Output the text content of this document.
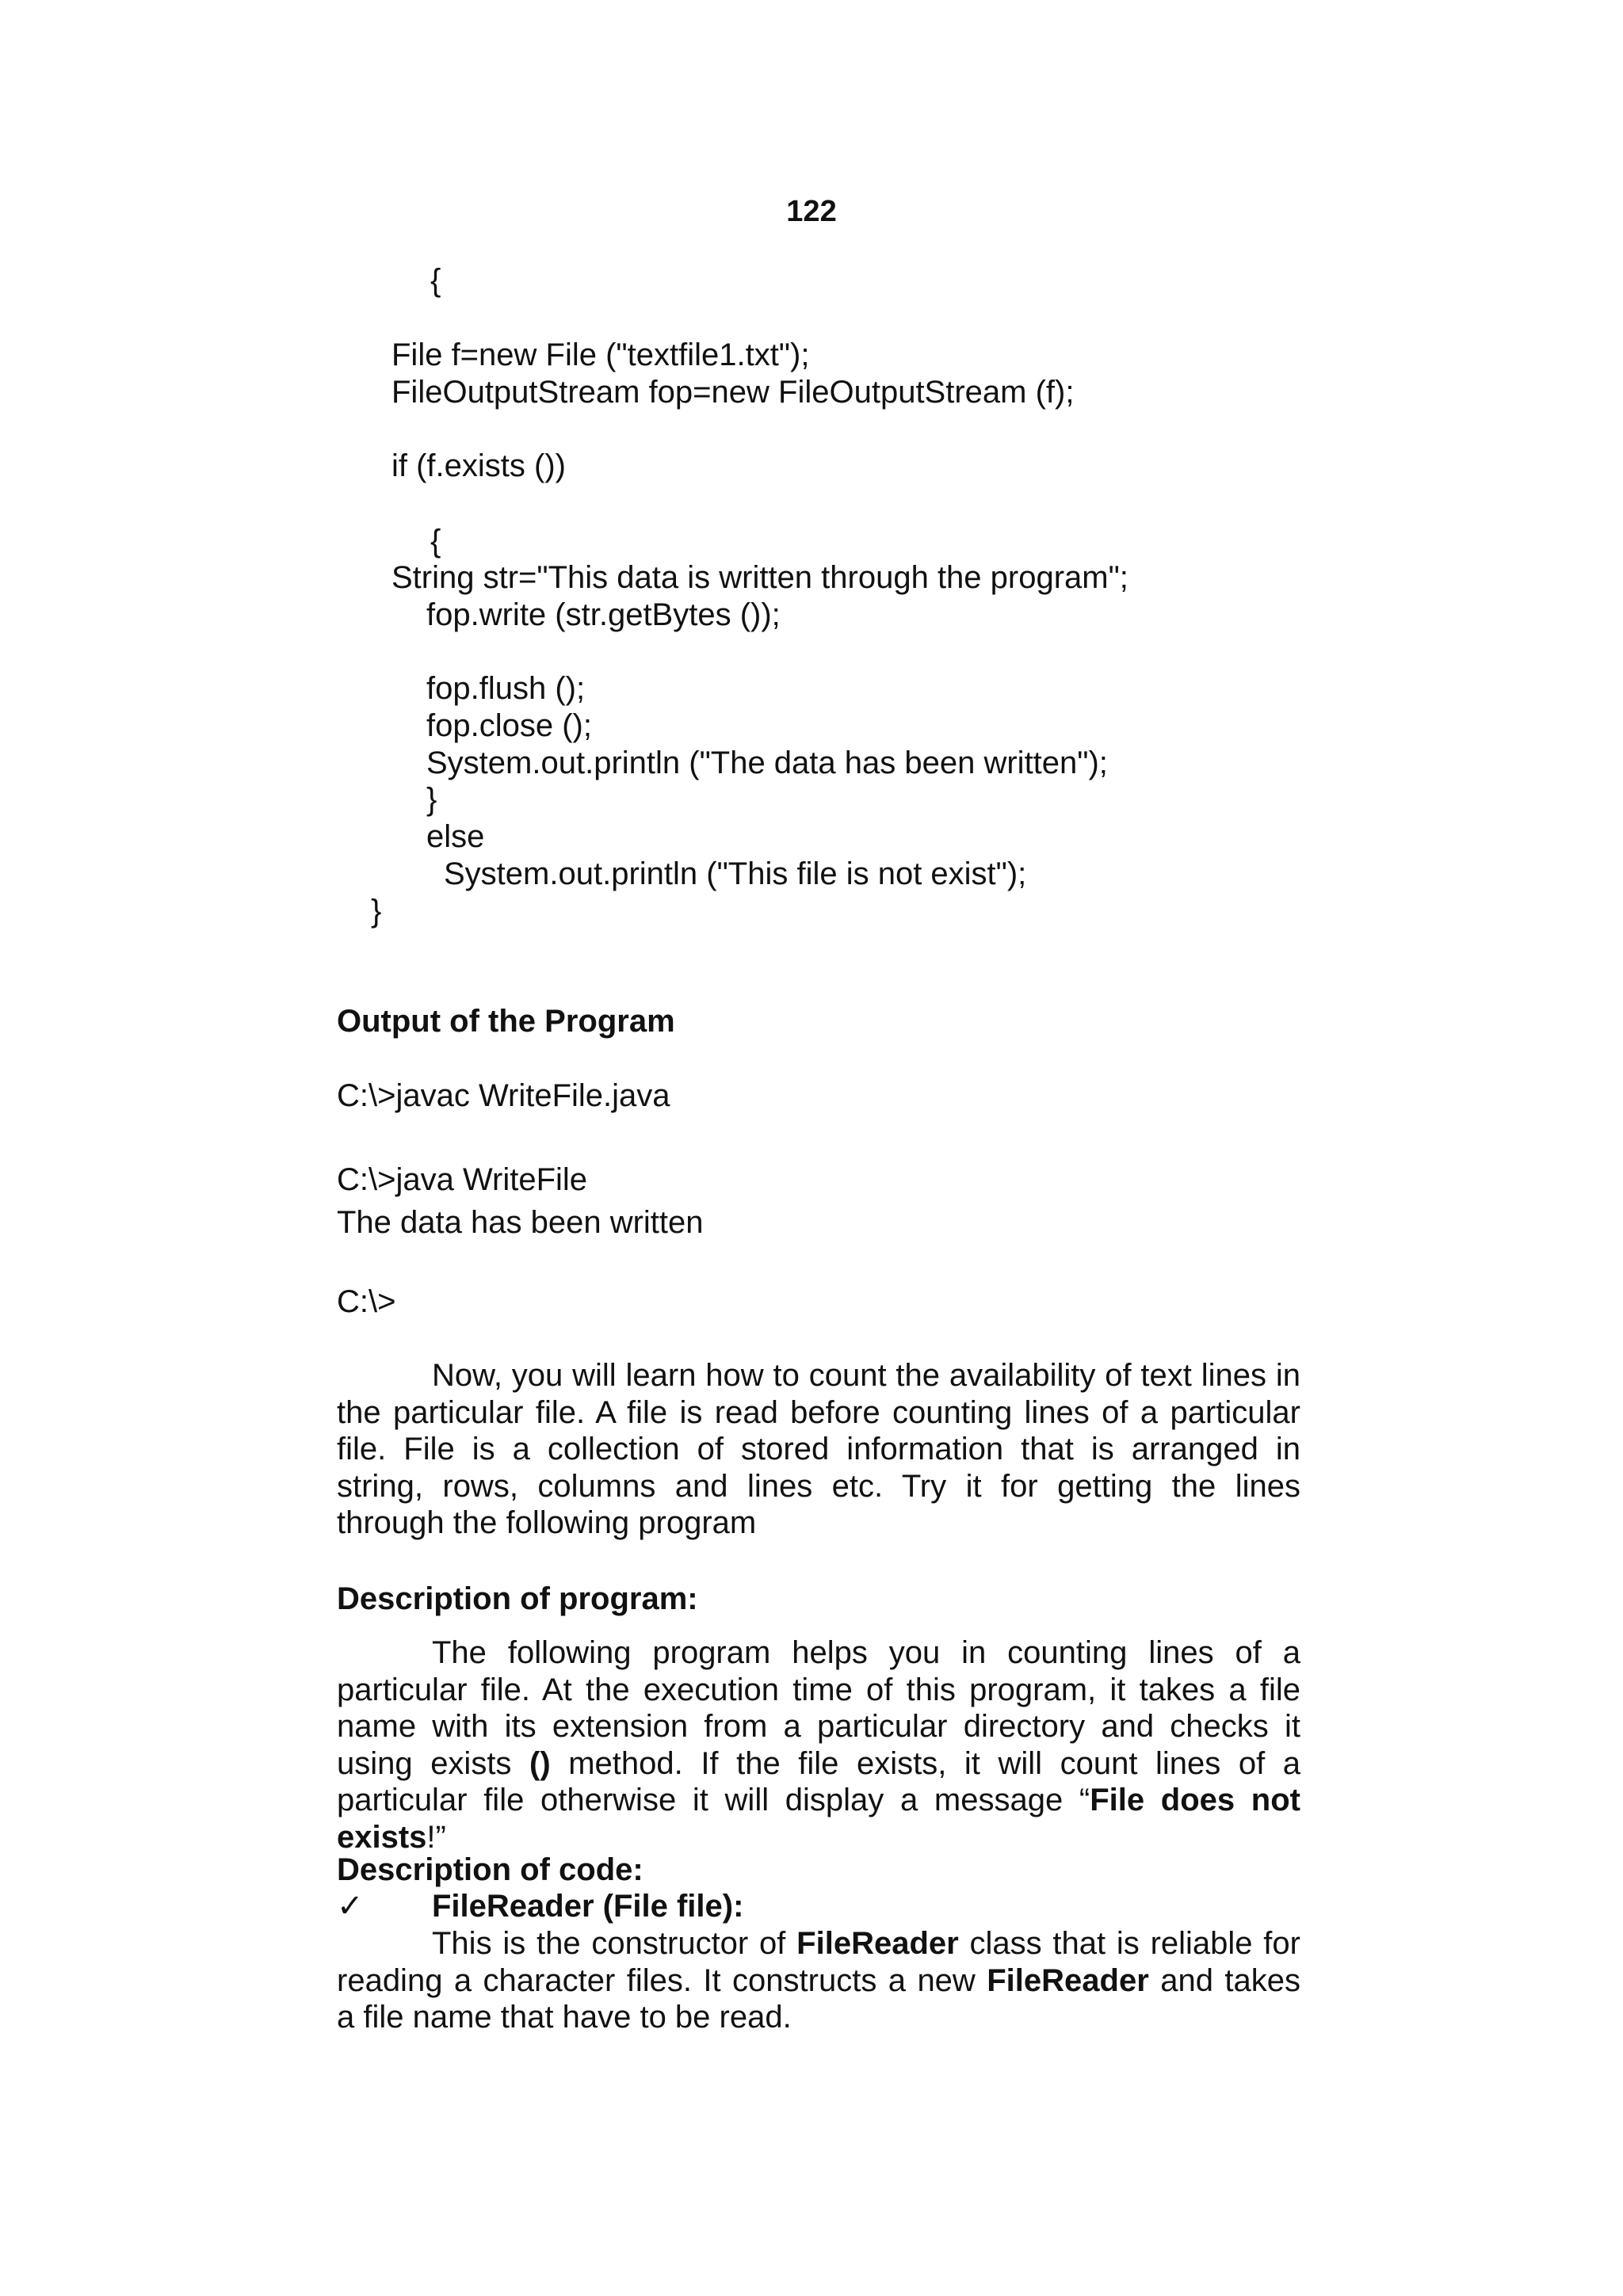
122
{
File f=new File ("textfile1.txt");
FileOutputStream fop=new FileOutputStream (f);
if (f.exists ())
{
String str="This data is written through the program";
fop.write (str.getBytes ());
fop.flush ();
fop.close ();
System.out.println ("The data has been written");
}
else
System.out.println ("This file is not exist");
}
Output of the Program
C:\>javac WriteFile.java
C:\>java WriteFile
The data has been written
C:\>

Now, you will learn how to count the availability of text lines in the particular file. A file is read before counting lines of a particular file. File is a collection of stored information that is arranged in string, rows, columns and lines etc. Try it for getting the lines through the following program

Description of program:

The following program helps you in counting lines of a particular file. At the execution time of this program, it takes a file name with its extension from a particular directory and checks it using exists () method. If the file exists, it will count lines of a particular file otherwise it will display a message “File does not exists!”

Description of code:
✓ FileReader (File file):

This is the constructor of FileReader class that is reliable for reading a character files. It constructs a new FileReader and takes a file name that have to be read.
